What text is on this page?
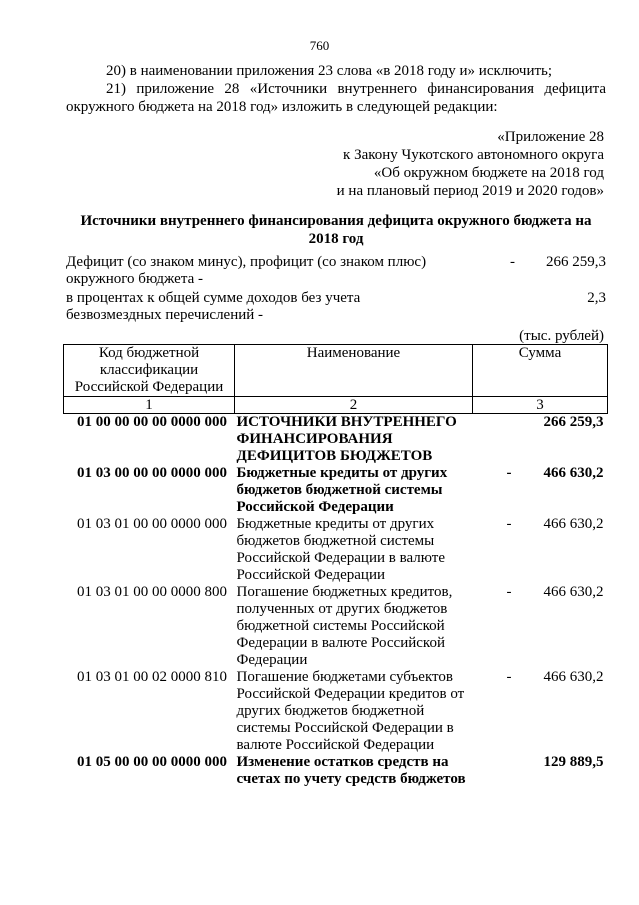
760
20) в наименовании приложения 23 слова «в 2018 году и» исключить;
21) приложение 28 «Источники внутреннего финансирования дефицита окружного бюджета на 2018 год» изложить в следующей редакции:
«Приложение 28
к Закону Чукотского автономного округа
«Об окружном бюджете на 2018 год
и на плановый период 2019 и 2020 годов»
Источники внутреннего финансирования дефицита окружного бюджета на 2018 год
Дефицит (со знаком минус), профицит (со знаком плюс) окружного бюджета -
- 266 259,3
в процентах к общей сумме доходов без учета безвозмездных перечислений -
2,3
(тыс. рублей)
Код бюджетной классификации Российской Федерации	Наименование	Сумма
1	2	3
01 00 00 00 00 0000 000	ИСТОЧНИКИ ВНУТРЕННЕГО ФИНАНСИРОВАНИЯ ДЕФИЦИТОВ БЮДЖЕТОВ	266 259,3
01 03 00 00 00 0000 000	Бюджетные кредиты от других бюджетов бюджетной системы Российской Федерации	- 466 630,2
01 03 01 00 00 0000 000	Бюджетные кредиты от других бюджетов бюджетной системы Российской Федерации в валюте Российской Федерации	- 466 630,2
01 03 01 00 00 0000 800	Погашение бюджетных кредитов, полученных от других бюджетов бюджетной системы Российской Федерации в валюте Российской Федерации	- 466 630,2
01 03 01 00 02 0000 810	Погашение бюджетами субъектов Российской Федерации кредитов от других бюджетов бюджетной системы Российской Федерации в валюте Российской Федерации	- 466 630,2
01 05 00 00 00 0000 000	Изменение остатков средств на счетах по учету средств бюджетов	129 889,5
